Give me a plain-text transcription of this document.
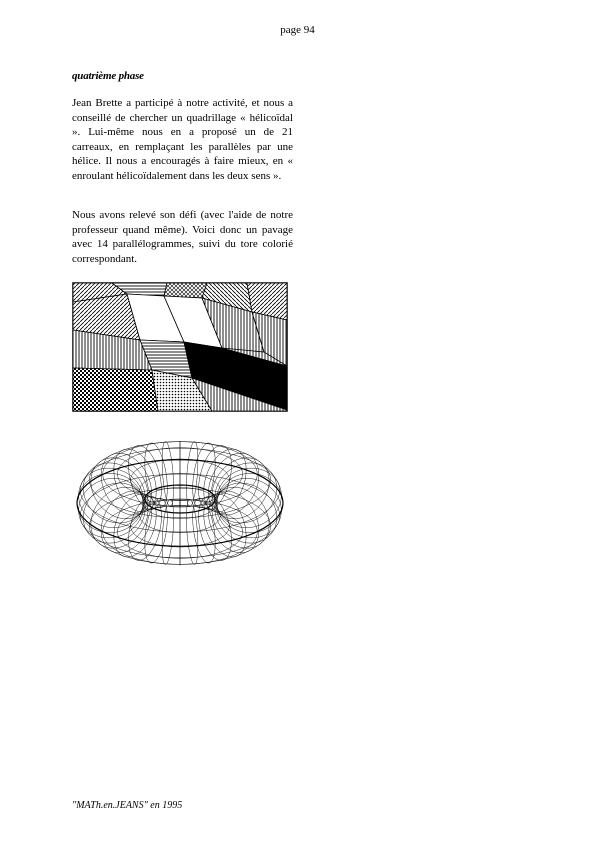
page 94
quatrième phase

Jean Brette a participé à notre activité, et nous a conseillé de chercher un quadrillage « hélicoïdal ». Lui-même nous en a proposé un de 21 carreaux, en remplaçant les parallèles par une hélice. Il nous a encouragés à faire mieux, en « enroulant hélicoïdalement dans les deux sens ».

Nous avons relevé son défi (avec l'aide de notre professeur quand même). Voici donc un pavage avec 14 parallélogrammes, suivi du tore colorié correspondant.

"MATh.en.JEANS" en 1995
